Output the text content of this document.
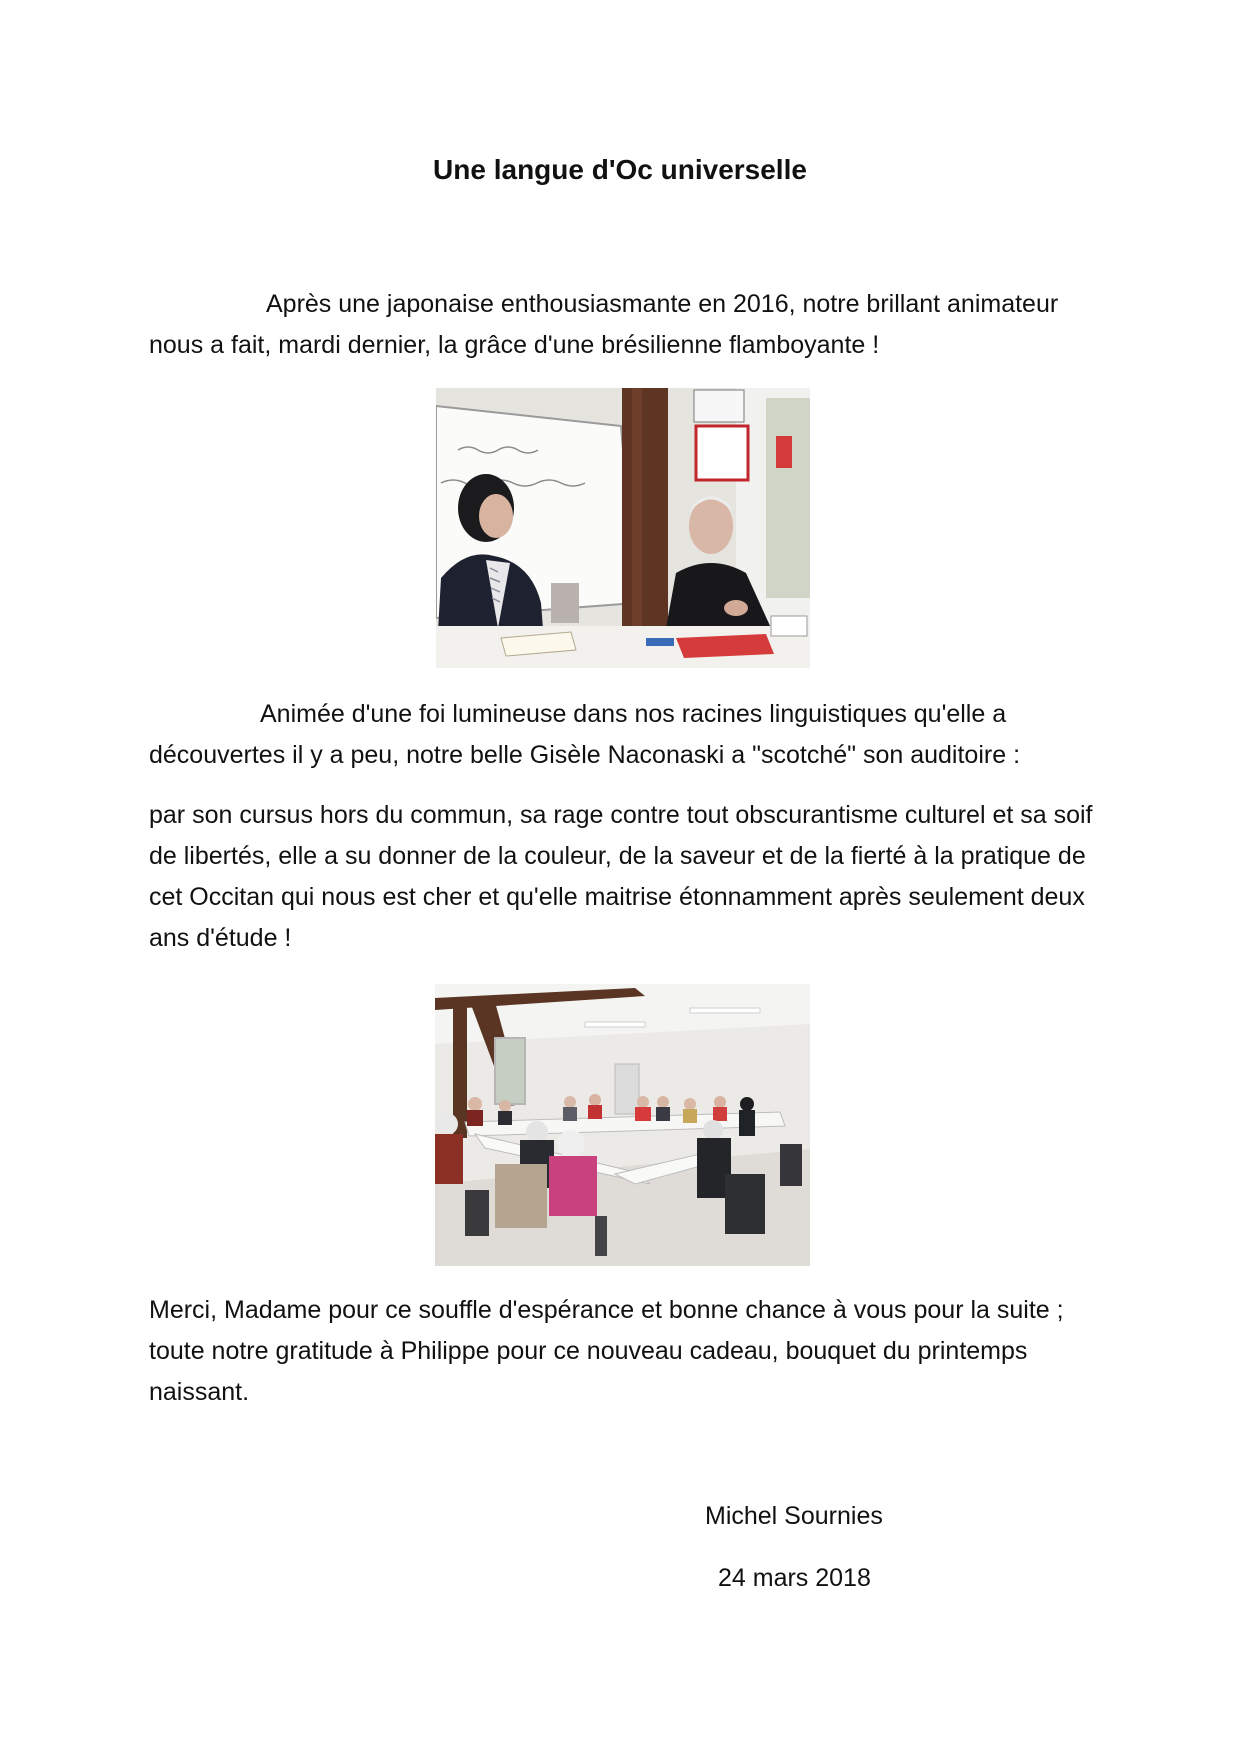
Une langue d'Oc universelle

Après une japonaise enthousiasmante en 2016, notre brillant animateur nous a fait, mardi dernier, la grâce d'une brésilienne flamboyante !

Animée d'une foi lumineuse dans nos racines linguistiques qu'elle a découvertes il y a peu, notre belle Gisèle Naconaski a "scotché" son auditoire :

par son cursus hors du commun, sa rage contre tout obscurantisme culturel et sa soif de libertés, elle a su donner de la couleur, de la saveur et de la fierté à la pratique de cet Occitan qui nous est cher et qu'elle maitrise étonnamment après seulement deux ans d'étude !

Merci, Madame pour ce souffle d'espérance et bonne chance à vous pour la suite ; toute notre gratitude à Philippe pour ce nouveau cadeau, bouquet du printemps naissant.

Michel Sournies
24 mars 2018
